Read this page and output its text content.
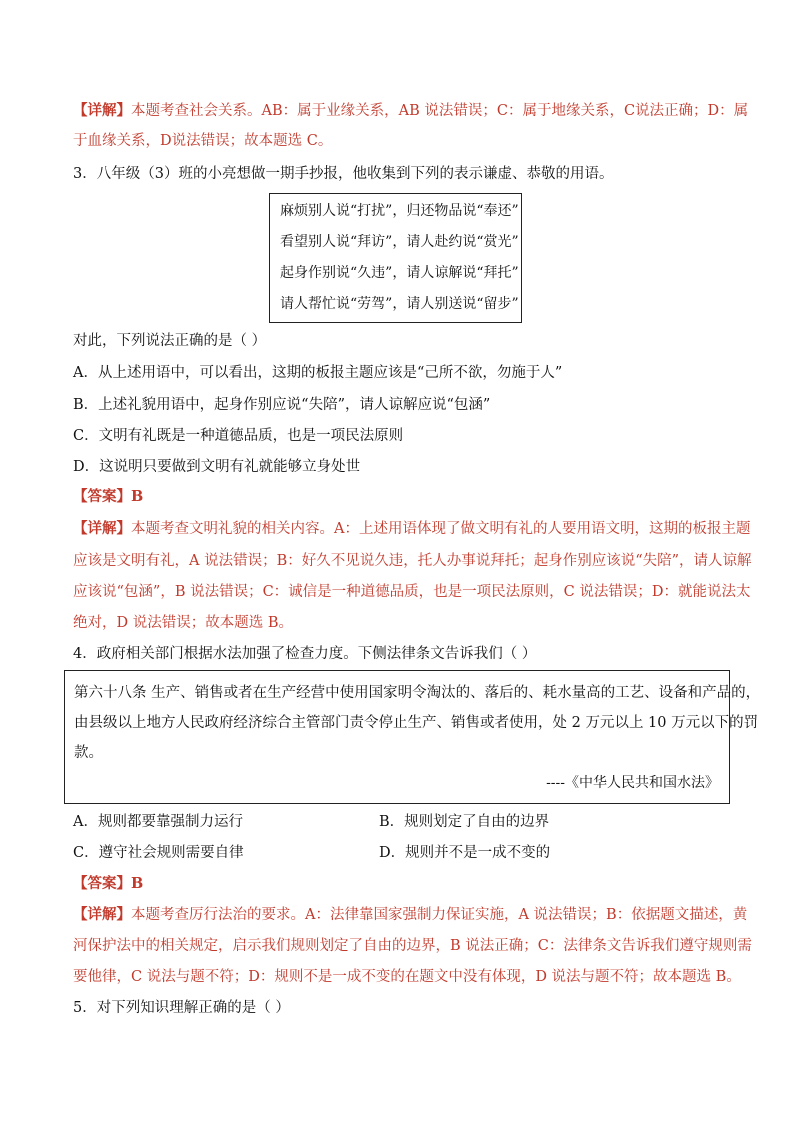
【详解】本题考查社会关系。AB：属于业缘关系，AB 说法错误；C：属于地缘关系，C说法正确；D：属
于血缘关系，D说法错误；故本题选 C。
3．八年级（3）班的小亮想做一期手抄报，他收集到下列的表示谦虚、恭敬的用语。
麻烦别人说“打扰”，归还物品说“奉还”
看望别人说“拜访”，请人赴约说“赏光”
起身作别说“久违”，请人谅解说“拜托”
请人帮忙说“劳驾”，请人别送说“留步”
对此，下列说法正确的是（ ）
A．从上述用语中，可以看出，这期的板报主题应该是“己所不欲，勿施于人”
B．上述礼貌用语中，起身作别应说“失陪”，请人谅解应说“包涵”
C．文明有礼既是一种道德品质，也是一项民法原则
D．这说明只要做到文明有礼就能够立身处世
【答案】B
【详解】本题考查文明礼貌的相关内容。A：上述用语体现了做文明有礼的人要用语文明，这期的板报主题
应该是文明有礼，A 说法错误；B：好久不见说久违，托人办事说拜托；起身作别应该说“失陪”，请人谅解
应该说“包涵”，B 说法错误；C：诚信是一种道德品质，也是一项民法原则，C 说法错误；D：就能说法太
绝对，D 说法错误；故本题选 B。
4．政府相关部门根据水法加强了检查力度。下侧法律条文告诉我们（ ）
第六十八条 生产、销售或者在生产经营中使用国家明令淘汰的、落后的、耗水量高的工艺、设备和产品的，
由县级以上地方人民政府经济综合主管部门责令停止生产、销售或者使用，处 2 万元以上 10 万元以下的罚
款。
----《中华人民共和国水法》
A．规则都要靠强制力运行	B．规则划定了自由的边界
C．遵守社会规则需要自律	D．规则并不是一成不变的
【答案】B
【详解】本题考查厉行法治的要求。A：法律靠国家强制力保证实施，A 说法错误；B：依据题文描述，黄
河保护法中的相关规定，启示我们规则划定了自由的边界，B 说法正确；C：法律条文告诉我们遵守规则需
要他律，C 说法与题不符；D：规则不是一成不变的在题文中没有体现，D 说法与题不符；故本题选 B。
5．对下列知识理解正确的是（ ）
